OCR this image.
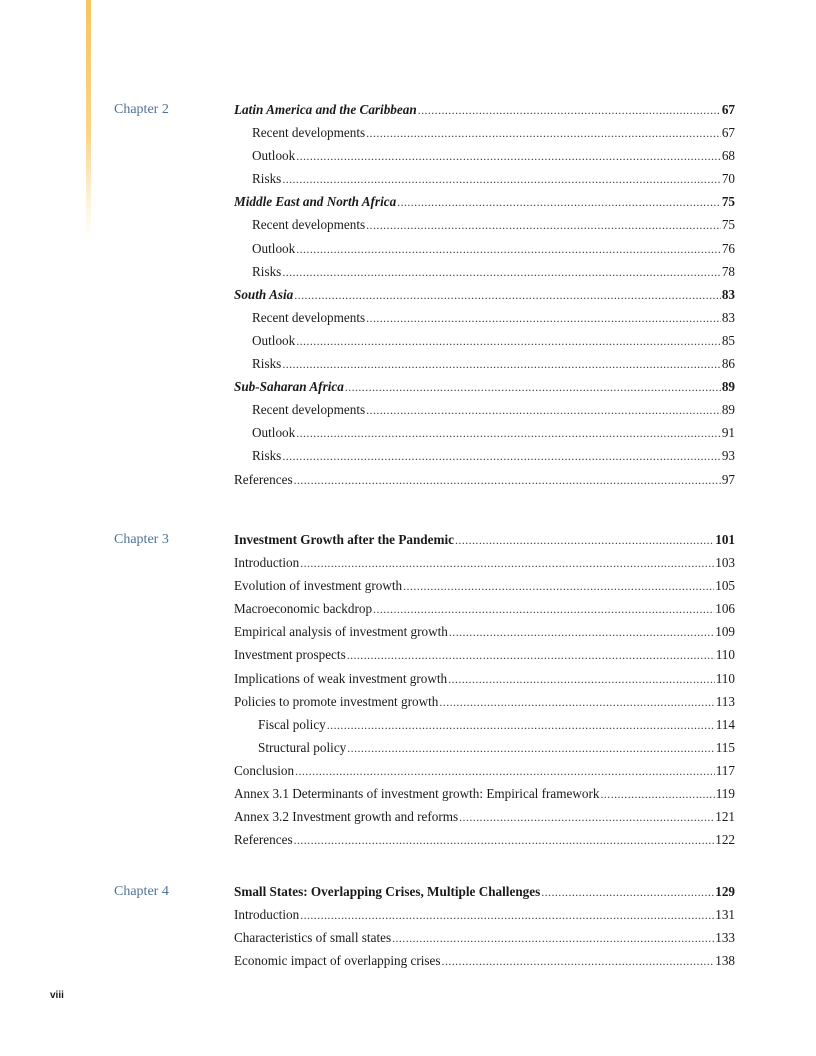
Chapter 2	Latin America and the Caribbean .....	67
Recent developments .....	67
Outlook .....	68
Risks .....	70
Middle East and North Africa .....	75
Recent developments .....	75
Outlook .....	76
Risks .....	78
South Asia .....	83
Recent developments .....	83
Outlook .....	85
Risks .....	86
Sub-Saharan Africa .....	89
Recent developments .....	89
Outlook .....	91
Risks .....	93
References .....	97
Chapter 3	Investment Growth after the Pandemic .....	101
Introduction .....	103
Evolution of investment growth .....	105
Macroeconomic backdrop .....	106
Empirical analysis of investment growth .....	109
Investment prospects .....	110
Implications of weak investment growth .....	110
Policies to promote investment growth .....	113
Fiscal policy .....	114
Structural policy .....	115
Conclusion .....	117
Annex 3.1 Determinants of investment growth: Empirical framework .....	119
Annex 3.2 Investment growth and reforms .....	121
References .....	122
Chapter 4	Small States: Overlapping Crises, Multiple Challenges .....	129
Introduction .....	131
Characteristics of small states .....	133
Economic impact of overlapping crises .....	138
viii
